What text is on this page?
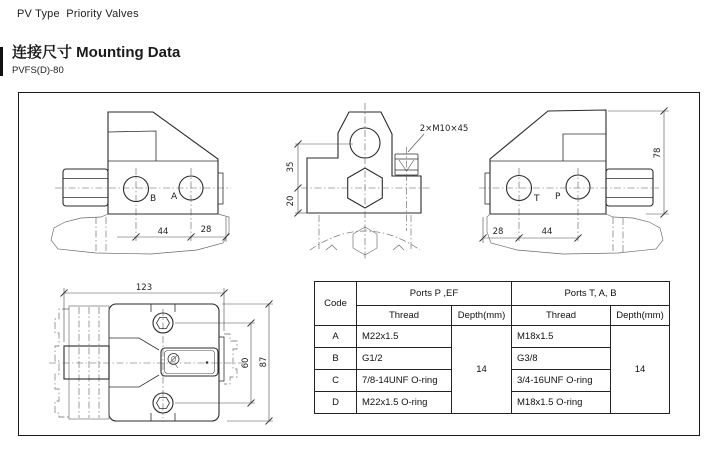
PV Type  Priority Valves
连接尺寸 Mounting Data
PVFS(D)-80
B A
44	28
2×M10×45
35
20	T P
78
28	44
123
60 87
Code	Ports P ,EF		Ports T, A, B	
	Thread	Depth(mm)	Thread	Depth(mm)
A	M22x1.5	14	M18x1.5	14
B	G1/2		G3/8	
C	7/8-14UNF O-ring		3/4-16UNF O-ring	
D	M22x1.5 O-ring		M18x1.5 O-ring	
